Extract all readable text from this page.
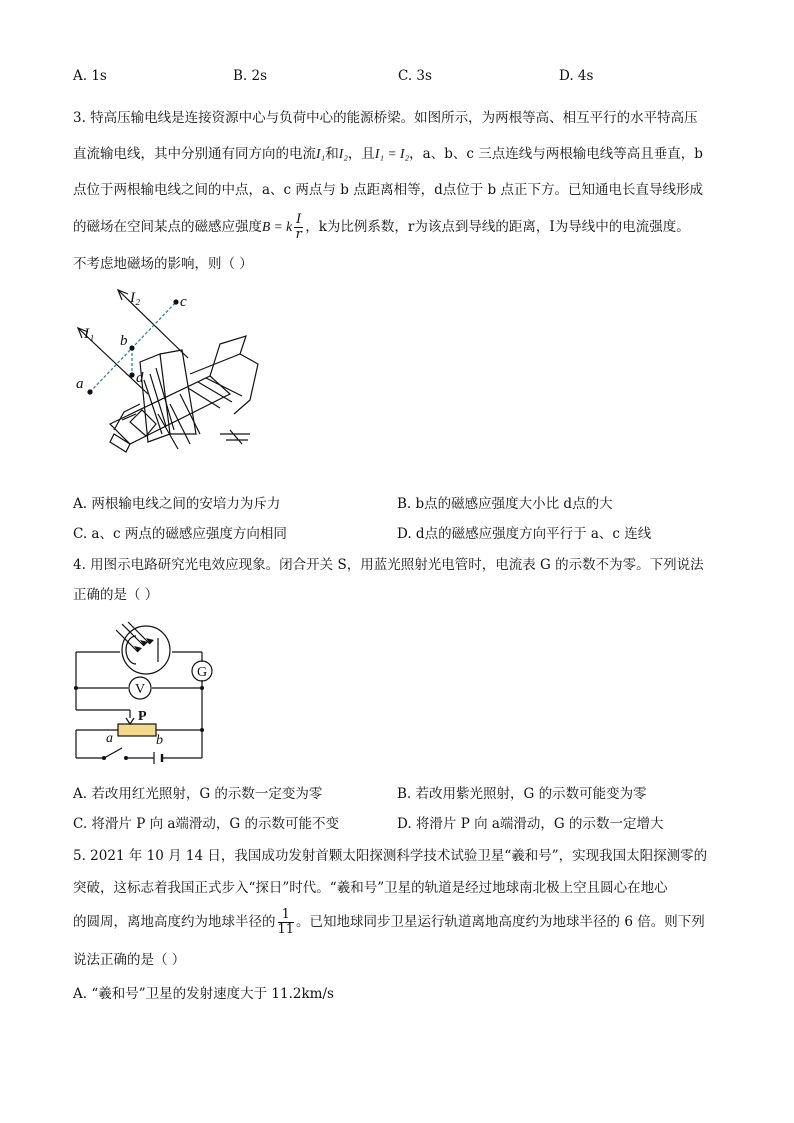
A. 1s	B. 2s	C. 3s	D. 4s
3. 特高压输电线是连接资源中心与负荷中心的能源桥梁。如图所示，为两根等高、相互平行的水平特高压
直流输电线，其中分别通有同方向的电流I₁和I₂，且I₁ = I₂，a、b、c 三点连线与两根输电线等高且垂直，b
点位于两根输电线之间的中点，a、c 两点与 b 点距离相等，d点位于 b 点正下方。已知通电长直导线形成
的磁场在空间某点的磁感应强度B = k $\frac{I}{r}$ ，k为比例系数，r为该点到导线的距离，I为导线中的电流强度。
不考虑地磁场的影响，则（ ）
I₂
I₁
a
b
c
d
A. 两根输电线之间的安培力为斥力	B. b点的磁感应强度大小比 d点的大
C. a、c 两点的磁感应强度方向相同	D. d点的磁感应强度方向平行于 a、c 连线
4. 用图示电路研究光电效应现象。闭合开关 S，用蓝光照射光电管时，电流表 G 的示数不为零。下列说法
正确的是（ ）
G
V
P
a	b
A. 若改用红光照射，G 的示数一定变为零	B. 若改用紫光照射，G 的示数可能变为零
C. 将滑片 P 向 a端滑动，G 的示数可能不变	D. 将滑片 P 向 a端滑动，G 的示数一定增大
5. 2021 年 10 月 14 日，我国成功发射首颗太阳探测科学技术试验卫星“羲和号”，实现我国太阳探测零的
突破，这标志着我国正式步入“探日”时代。“羲和号”卫星的轨道是经过地球南北极上空且圆心在地心
的圆周，离地高度约为地球半径的 $\frac{1}{11}$ 。已知地球同步卫星运行轨道离地高度约为地球半径的 6 倍。则下列
说法正确的是（ ）
A. “羲和号”卫星的发射速度大于 11.2km/s
